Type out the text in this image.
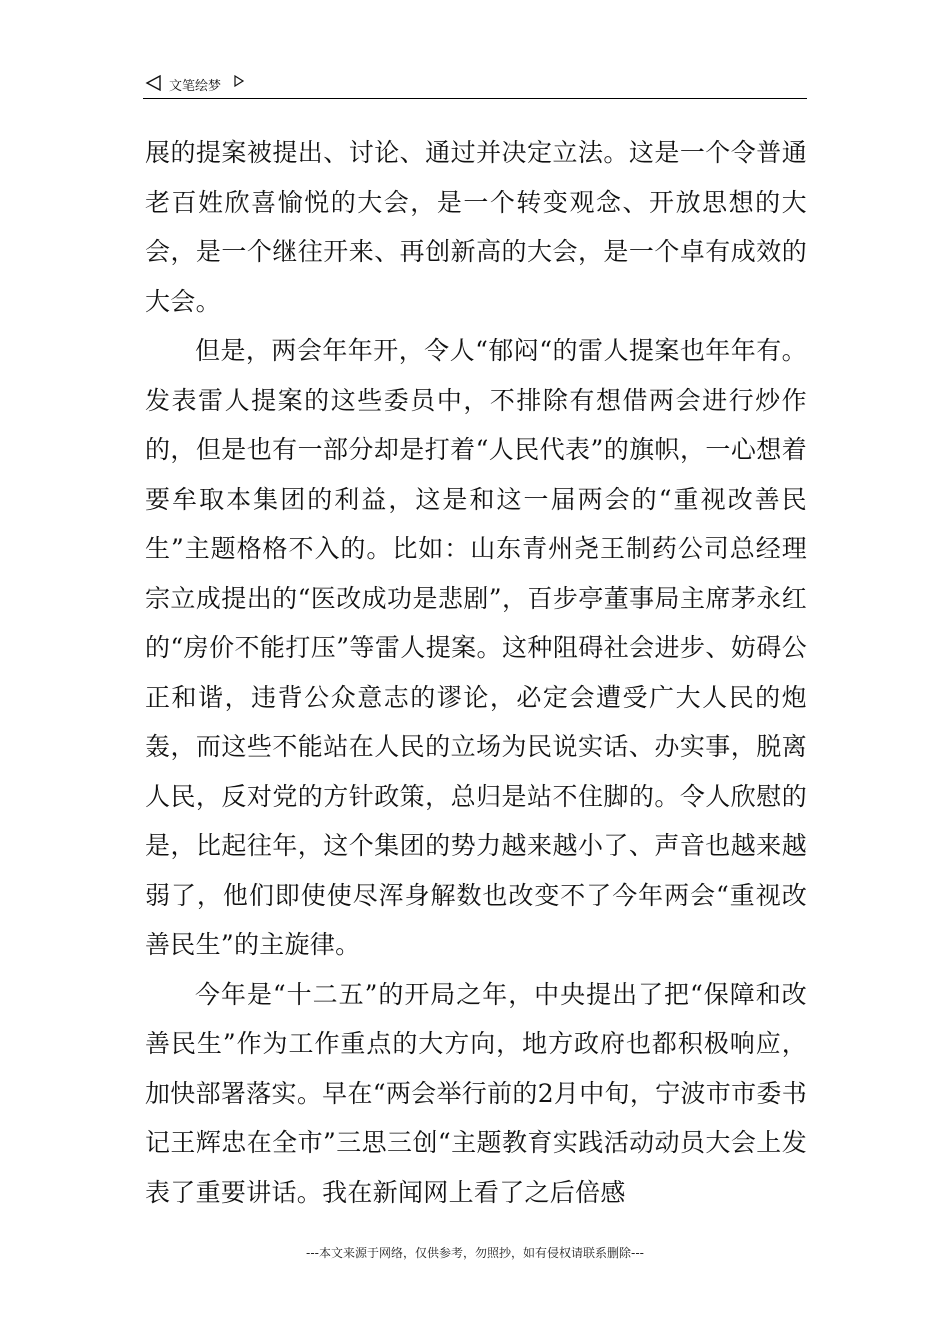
文笔绘梦

展的提案被提出、讨论、通过并决定立法。这是一个令普通老百姓欣喜愉悦的大会，是一个转变观念、开放思想的大会，是一个继往开来、再创新高的大会，是一个卓有成效的大会。

但是，两会年年开，令人“郁闷“的雷人提案也年年有。发表雷人提案的这些委员中，不排除有想借两会进行炒作的，但是也有一部分却是打着“人民代表”的旗帜，一心想着要牟取本集团的利益，这是和这一届两会的“重视改善民生”主题格格不入的。比如：山东青州尧王制药公司总经理宗立成提出的“医改成功是悲剧”，百步亭董事局主席茅永红的“房价不能打压”等雷人提案。这种阻碍社会进步、妨碍公正和谐，违背公众意志的谬论，必定会遭受广大人民的炮轰，而这些不能站在人民的立场为民说实话、办实事，脱离人民，反对党的方针政策，总归是站不住脚的。令人欣慰的是，比起往年，这个集团的势力越来越小了、声音也越来越弱了，他们即使使尽浑身解数也改变不了今年两会“重视改善民生”的主旋律。

今年是“十二五”的开局之年，中央提出了把“保障和改善民生”作为工作重点的大方向，地方政府也都积极响应，加快部署落实。早在“两会举行前的2月中旬，宁波市市委书记王辉忠在全市”三思三创“主题教育实践活动动员大会上发表了重要讲话。我在新闻网上看了之后倍感

---本文来源于网络，仅供参考，勿照抄，如有侵权请联系删除---
